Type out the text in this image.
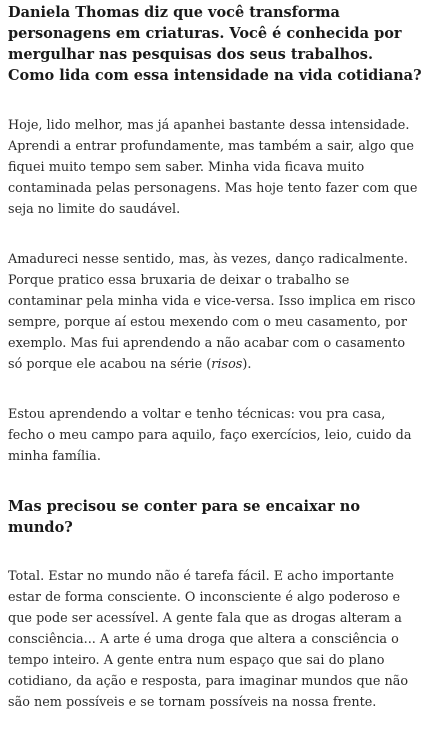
Daniela Thomas diz que você transforma personagens em criaturas. Você é conhecida por mergulhar nas pesquisas dos seus trabalhos. Como lida com essa intensidade na vida cotidiana?

Hoje, lido melhor, mas já apanhei bastante dessa intensidade. Aprendi a entrar profundamente, mas também a sair, algo que fiquei muito tempo sem saber. Minha vida ficava muito contaminada pelas personagens. Mas hoje tento fazer com que seja no limite do saudável.

Amadureci nesse sentido, mas, às vezes, danço radicalmente. Porque pratico essa bruxaria de deixar o trabalho se contaminar pela minha vida e vice-versa. Isso implica em risco sempre, porque aí estou mexendo com o meu casamento, por exemplo. Mas fui aprendendo a não acabar com o casamento só porque ele acabou na série (risos).

Estou aprendendo a voltar e tenho técnicas: vou pra casa, fecho o meu campo para aquilo, faço exercícios, leio, cuido da minha família.

Mas precisou se conter para se encaixar no mundo?

Total. Estar no mundo não é tarefa fácil. E acho importante estar de forma consciente. O inconsciente é algo poderoso e que pode ser acessível. A gente fala que as drogas alteram a consciência... A arte é uma droga que altera a consciência o tempo inteiro. A gente entra num espaço que sai do plano cotidiano, da ação e resposta, para imaginar mundos que não são nem possíveis e se tornam possíveis na nossa frente.
